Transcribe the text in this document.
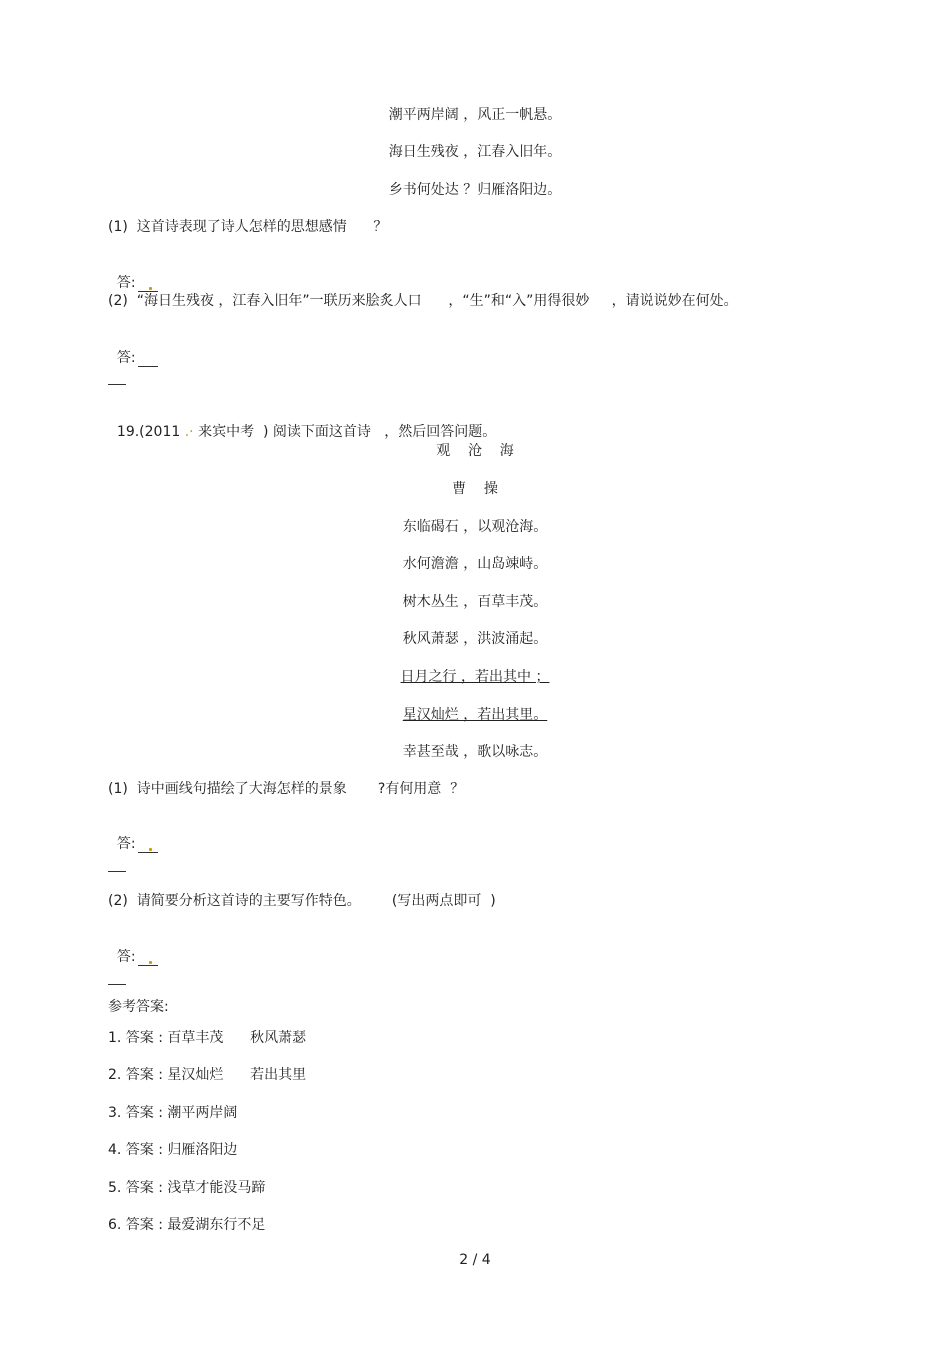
潮平两岸阔 ，风正一帆悬。
海日生残夜 ，江春入旧年。
乡书何处达 ？归雁洛阳边。
(1)  这首诗表现了诗人怎样的思想感情      ？

答:

(2)  “海日生残夜 ，江春入旧年”一联历来脍炙人口      ，“生”和“入”用得很妙     ，请说说妙在何处。

答:

19.(2011 .· 来宾中考  ) 阅读下面这首诗   ，然后回答问题。

观    沧    海
曹    操
东临碣石 ，以观沧海。
水何澹澹 ，山岛竦峙。
树木丛生 ，百草丰茂。
秋风萧瑟 ，洪波涌起。
日月之行 ，若出其中 ；
星汉灿烂 ，若出其里。
幸甚至哉 ，歌以咏志。
(1)  诗中画线句描绘了大海怎样的景象       ?有何用意  ？

答:

(2)  请简要分析这首诗的主要写作特色。       (写出两点即可  )

答:

参考答案:
1. 答案 : 百草丰茂      秋风萧瑟
2. 答案 : 星汉灿烂      若出其里
3. 答案 : 潮平两岸阔
4. 答案 : 归雁洛阳边
5. 答案 : 浅草才能没马蹄
6. 答案 : 最爱湖东行不足
2 / 4
